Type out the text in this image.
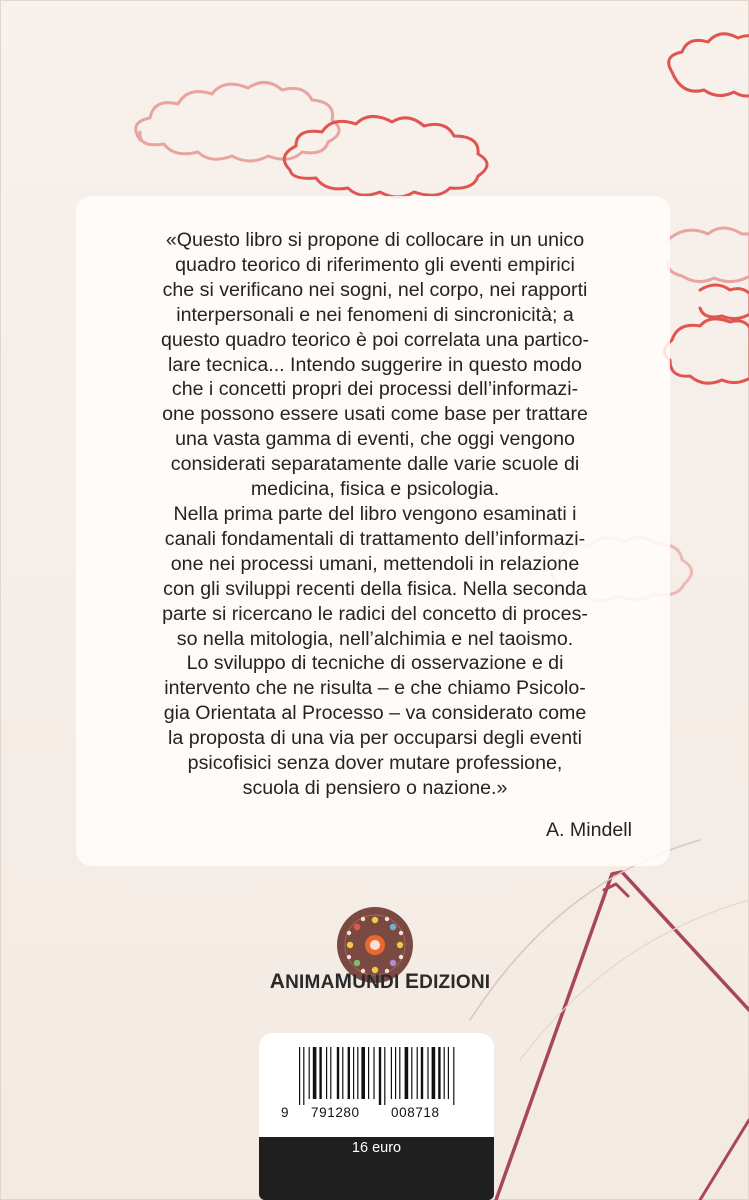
«Questo libro si propone di collocare in un unico
quadro teorico di riferimento gli eventi empirici
che si verificano nei sogni, nel corpo, nei rapporti
interpersonali e nei fenomeni di sincronicità; a
questo quadro teorico è poi correlata una partico-
lare tecnica... Intendo suggerire in questo modo
che i concetti propri dei processi dell’informazi-
one possono essere usati come base per trattare
una vasta gamma di eventi, che oggi vengono
considerati separatamente dalle varie scuole di
medicina, fisica e psicologia.
Nella prima parte del libro vengono esaminati i
canali fondamentali di trattamento dell’informazi-
one nei processi umani, mettendoli in relazione
con gli sviluppi recenti della fisica. Nella seconda
parte si ricercano le radici del concetto di proces-
so nella mitologia, nell’alchimia e nel taoismo.
Lo sviluppo di tecniche di osservazione e di
intervento che ne risulta – e che chiamo Psicolo-
gia Orientata al Processo – va considerato come
la proposta di una via per occuparsi degli eventi
psicofisici senza dover mutare professione,
scuola di pensiero o nazione.»
A. Mindell
ANIMAMUNDI EDIZIONI
9 791280 008718
16 euro
